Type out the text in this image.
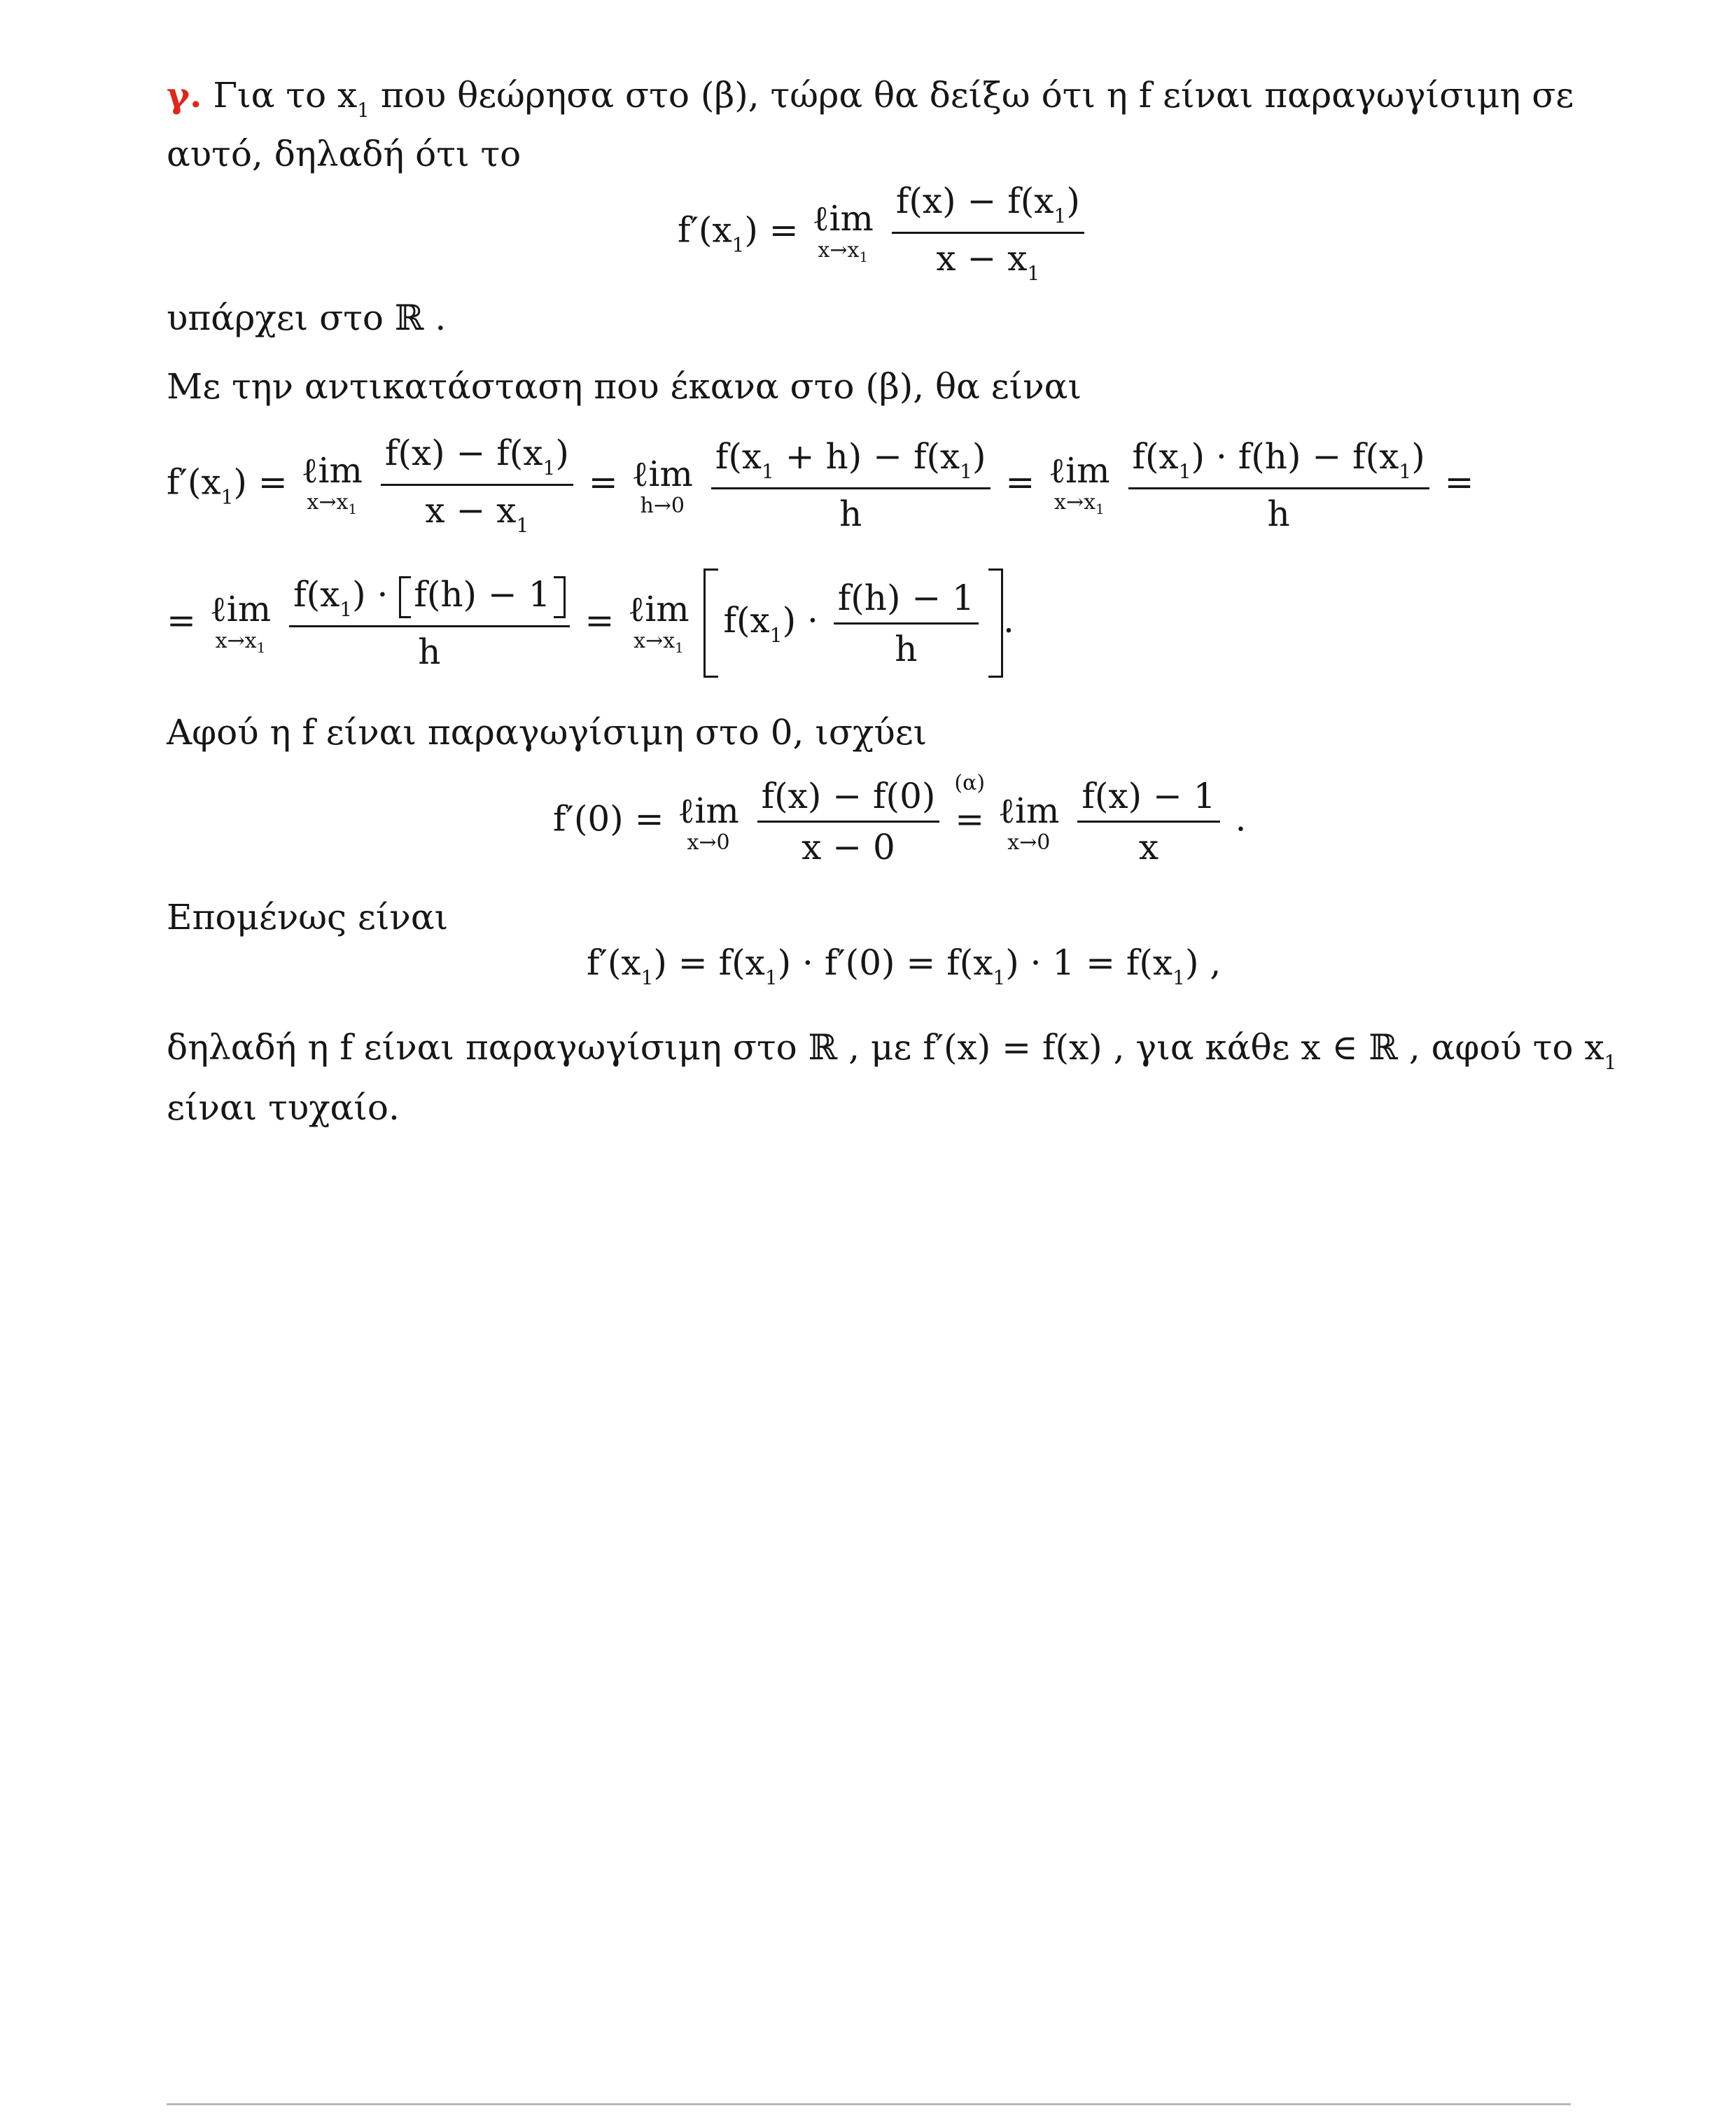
γ. Για το $x_1$ που θεώρησα στο (β), τώρα θα δείξω ότι η f είναι παραγωγίσιμη σε
αυτό, δηλαδή ότι το
$f'(x_1)$ = ℓim
$x\to x_1$
$\frac{f(x) - f(x_1)}{x - x_1}$
υπάρχει στο ℝ .
Με την αντικατάσταση που έκανα στο (β), θα είναι
$f'(x_1)$ = ℓim
$x\to x_1$
$\frac{f(x) - f(x_1)}{x - x_1}$ = ℓim
h→0
$\frac{f(x_1 + h) - f(x_1)}{h}$ = ℓim
$x\to x_1$
$\frac{f(x_1) \cdot f(h) - f(x_1)}{h}$ =
= ℓim
$x\to x_1$
$\frac{f(x_1) \cdot f(h) - 1}{h}$ = ℓim
$x\to x_1$
$f(x_1) \cdot \frac{f(h) - 1}{h}$ .
Αφού η f είναι παραγωγίσιμη στο 0, ισχύει
f′(0) = ℓim
x→0
$\frac{f(x) - f(0)}{x - 0}$
(α)
= ℓim
x→0
$\frac{f(x) - 1}{x}$ .
Επομένως είναι
$f'(x_1) = f(x_1) \cdot f'(0) = f(x_1) \cdot 1 = f(x_1)$ ,
δηλαδή η f είναι παραγωγίσιμη στο ℝ , με f′(x) = f(x) , για κάθε x ∈ ℝ , αφού το $x_1$
είναι τυχαίο.
